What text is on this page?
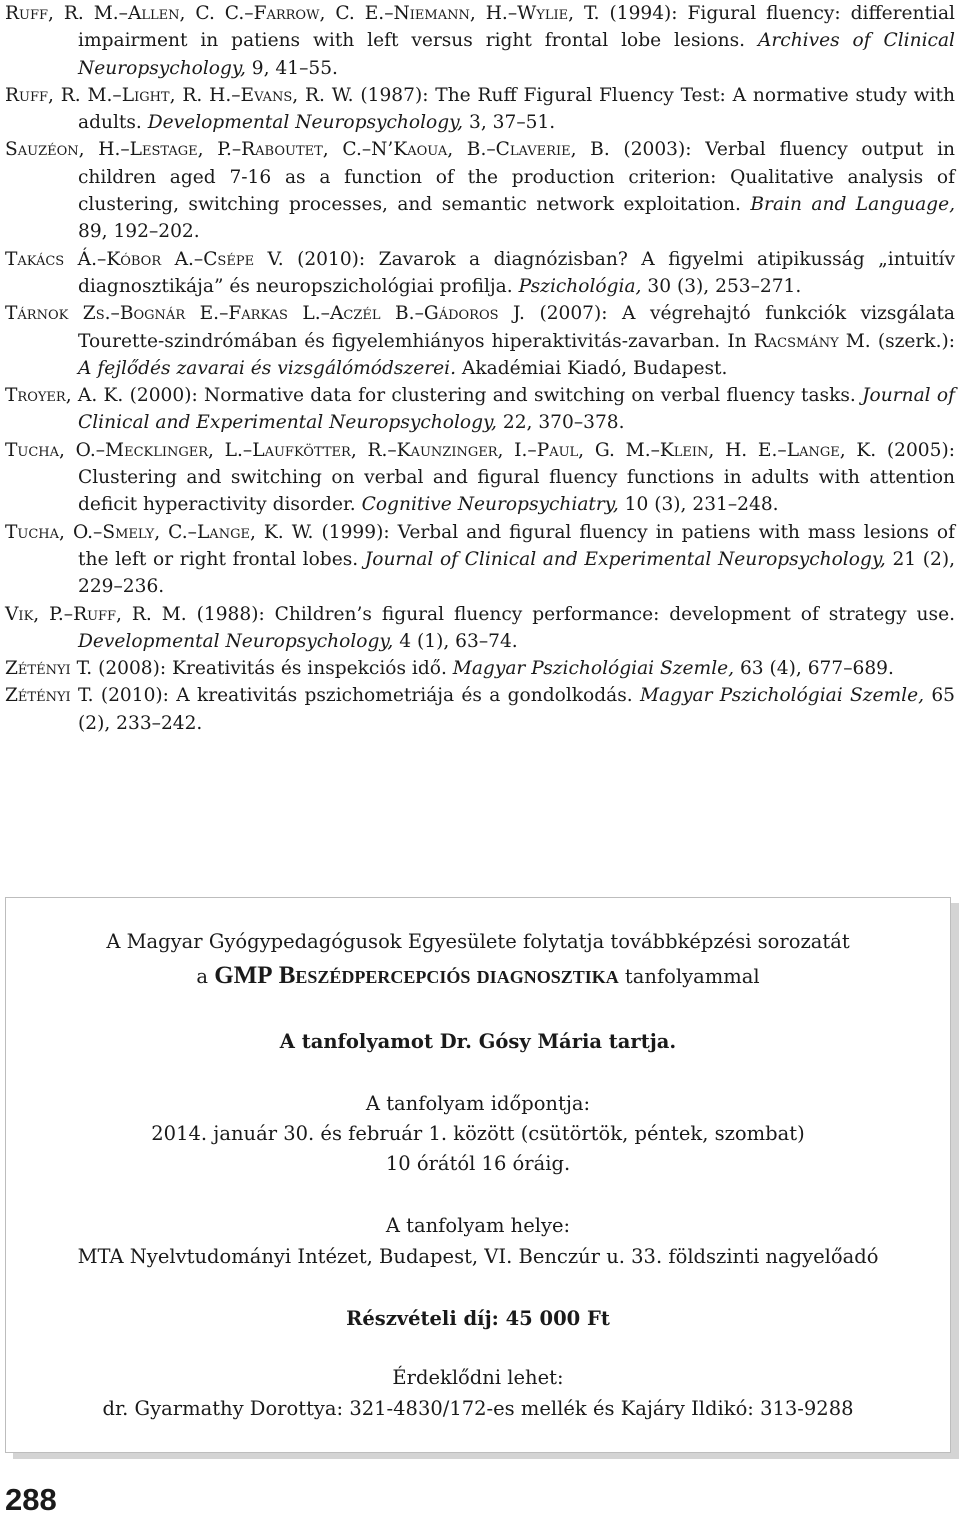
Ruff, R. M.–Allen, C. C.–Farrow, C. E.–Niemann, H.–Wylie, T. (1994): Figural fluency: differential impairment in patiens with left versus right frontal lobe lesions. Archives of Clinical Neuropsychology, 9, 41–55.

Ruff, R. M.–Light, R. H.–Evans, R. W. (1987): The Ruff Figural Fluency Test: A normative study with adults. Developmental Neuropsychology, 3, 37–51.

Sauzéon, H.–Lestage, P.–Raboutet, C.–N’Kaoua, B.–Claverie, B. (2003): Verbal fluency output in children aged 7-16 as a function of the production criterion: Qualitative analysis of clustering, switching processes, and semantic network exploitation. Brain and Language, 89, 192–202.

Takács Á.–Kóbor A.–Csépe V. (2010): Zavarok a diagnózisban? A figyelmi atipikusság „intuitív diagnosztikája” és neuropszichológiai profilja. Pszichológia, 30 (3), 253–271.

Tárnok Zs.–Bognár E.–Farkas L.–Aczél B.–Gádoros J. (2007): A végrehajtó funkciók vizsgálata Tourette-szindrómában és figyelemhiányos hiperaktivitás-zavarban. In Racsmány M. (szerk.): A fejlődés zavarai és vizsgálómódszerei. Akadémiai Kiadó, Budapest.

Troyer, A. K. (2000): Normative data for clustering and switching on verbal fluency tasks. Journal of Clinical and Experimental Neuropsychology, 22, 370–378.

Tucha, O.–Mecklinger, L.–Laufkötter, R.–Kaunzinger, I.–Paul, G. M.–Klein, H. E.–Lange, K. (2005): Clustering and switching on verbal and figural fluency functions in adults with attention deficit hyperactivity disorder. Cognitive Neuropsychiatry, 10 (3), 231–248.

Tucha, O.–Smely, C.–Lange, K. W. (1999): Verbal and figural fluency in patiens with mass lesions of the left or right frontal lobes. Journal of Clinical and Experimental Neuropsychology, 21 (2), 229–236.

Vik, P.–Ruff, R. M. (1988): Children’s figural fluency performance: development of strategy use. Developmental Neuropsychology, 4 (1), 63–74.

Zétényi T. (2008): Kreativitás és inspekciós idő. Magyar Pszichológiai Szemle, 63 (4), 677–689.

Zétényi T. (2010): A kreativitás pszichometriája és a gondolkodás. Magyar Pszichológiai Szemle, 65 (2), 233–242.

A Magyar Gyógypedagógusok Egyesülete folytatja továbbképzési sorozatát

a GMP Beszédpercepciós diagnosztika tanfolyammal

A tanfolyamot Dr. Gósy Mária tartja.

A tanfolyam időpontja:

2014. január 30. és február 1. között (csütörtök, péntek, szombat)

10 órától 16 óráig.

A tanfolyam helye:

MTA Nyelvtudományi Intézet, Budapest, VI. Benczúr u. 33. földszinti nagyelőadó

Részvételi díj: 45 000 Ft

Érdeklődni lehet:

dr. Gyarmathy Dorottya: 321-4830/172-es mellék és Kajáry Ildikó: 313-9288

288
